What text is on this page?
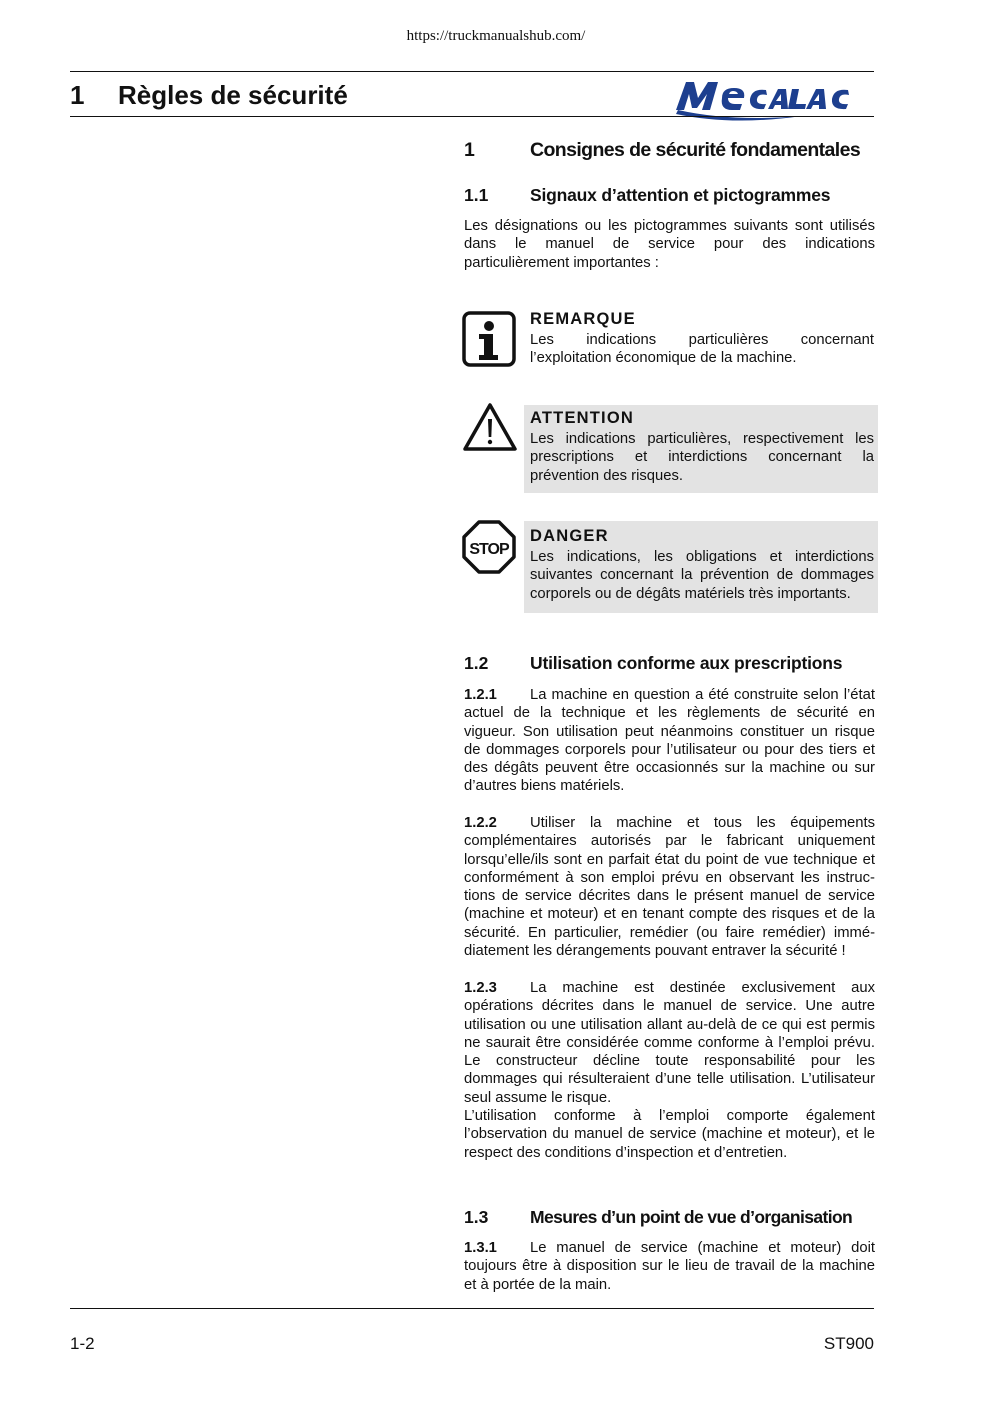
https://truckmanualshub.com/
1 Règles de sécurité
1	Consignes de sécurité fondamentales
1.1 Signaux d’attention et pictogrammes
Les désignations ou les pictogrammes suivants sont utilisés dans le manuel de service pour des indications particulièrement importantes :
REMARQUE
Les indications particulières concernant l’exploitation économique de la machine.
ATTENTION
Les indications particulières, respectivement les prescriptions et interdictions concernant la prévention des risques.
STOP
DANGER
Les indications, les obligations et interdictions suivantes concernant la prévention de dommages corporels ou de dégâts matériels très importants.
1.2 Utilisation conforme aux prescriptions
1.2.1 La machine en question a été construite selon l’état actuel de la technique et les règlements de sécurité en vigueur. Son utilisation peut néanmoins constituer un risque de dommages corporels pour l’utilisateur ou pour des tiers et des dégâts peuvent être occasionnés sur la machine ou sur d’autres biens matériels.
1.2.2 Utiliser la machine et tous les équipements complémentaires autorisés par le fabricant uniquement lorsqu’elle/ils sont en parfait état du point de vue technique et conformément à son emploi prévu en observant les instruc-tions de service décrites dans le présent manuel de service (machine et moteur) et en tenant compte des risques et de la sécurité. En particulier, remédier (ou faire remédier) immé-diatement les dérangements pouvant entraver la sécurité !
1.2.3 La machine est destinée exclusivement aux opérations décrites dans le manuel de service. Une autre utilisation ou une utilisation allant au-delà de ce qui est permis ne saurait être considérée comme conforme à l’emploi prévu. Le constructeur décline toute responsabilité pour les dommages qui résulteraient d’une telle utilisation. L’utilisateur seul assume le risque.
L’utilisation conforme à l’emploi comporte également l’observation du manuel de service (machine et moteur), et le respect des conditions d’inspection et d’entretien.
1.3 Mesures d’un point de vue d’organisation
1.3.1 Le manuel de service (machine et moteur) doit toujours être à disposition sur le lieu de travail de la machine et à portée de la main.
1-2	ST900
